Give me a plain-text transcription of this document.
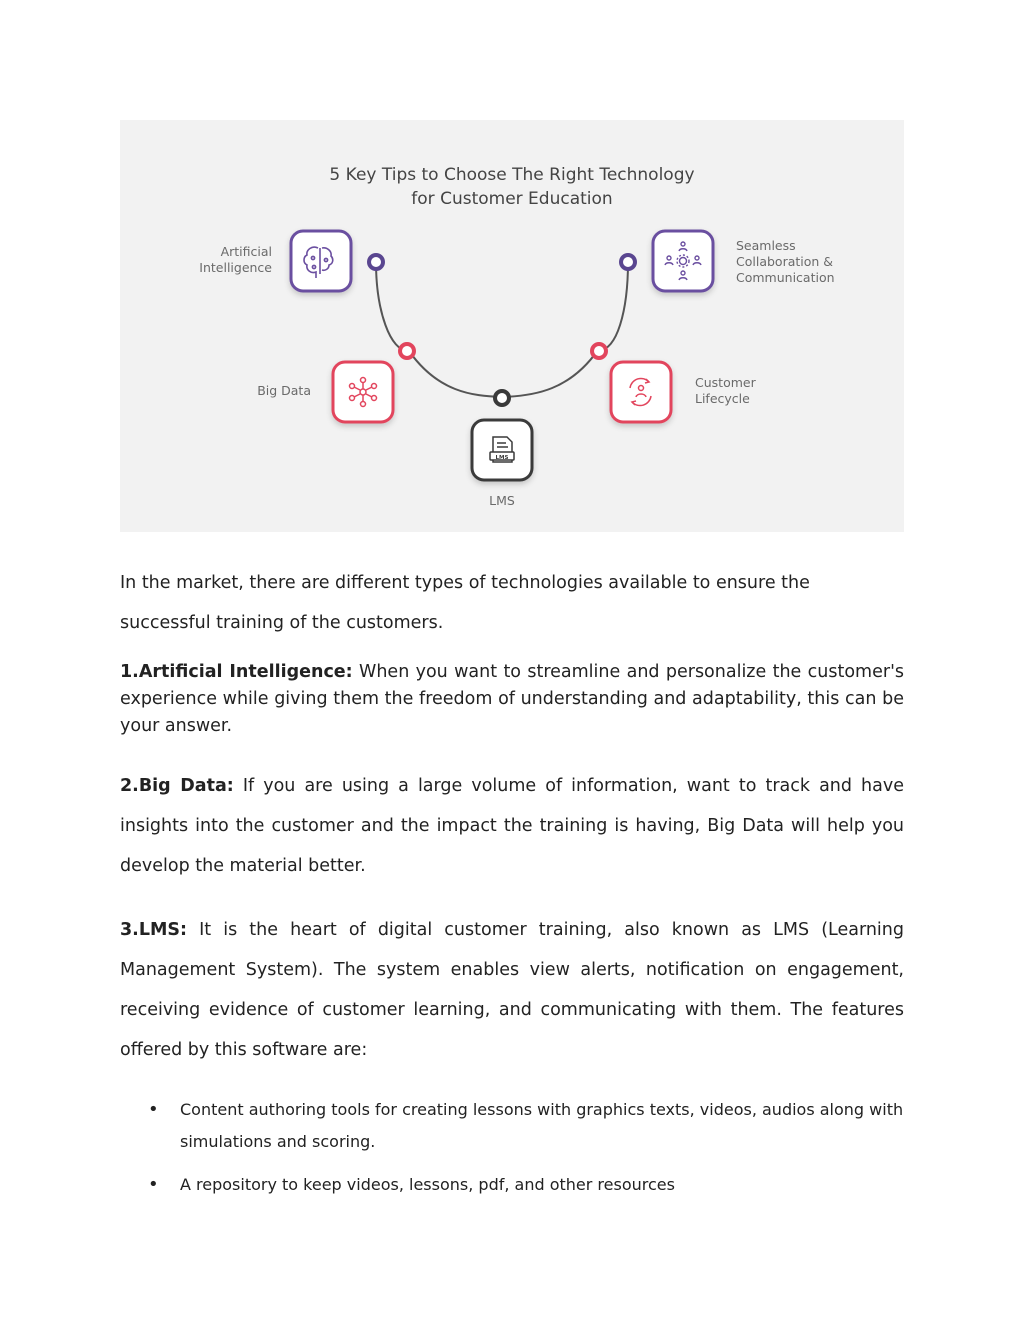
5 Key Tips to Choose The Right Technology
for Customer Education
Artificial
Intelligence
Big Data
LMS
LMS
Customer
Lifecycle
Seamless
Collaboration &
Communication

In the market, there are different types of technologies available to ensure the successful training of the customers.

1.Artificial Intelligence: When you want to streamline and personalize the customer's experience while giving them the freedom of understanding and adaptability, this can be your answer.

2.Big Data: If you are using a large volume of information, want to track and have insights into the customer and the impact the training is having, Big Data will help you develop the material better.

3.LMS: It is the heart of digital customer training, also known as LMS (Learning Management System). The system enables view alerts, notification on engagement, receiving evidence of customer learning, and communicating with them. The features offered by this software are:

• Content authoring tools for creating lessons with graphics texts, videos, audios along with simulations and scoring.
• A repository to keep videos, lessons, pdf, and other resources
